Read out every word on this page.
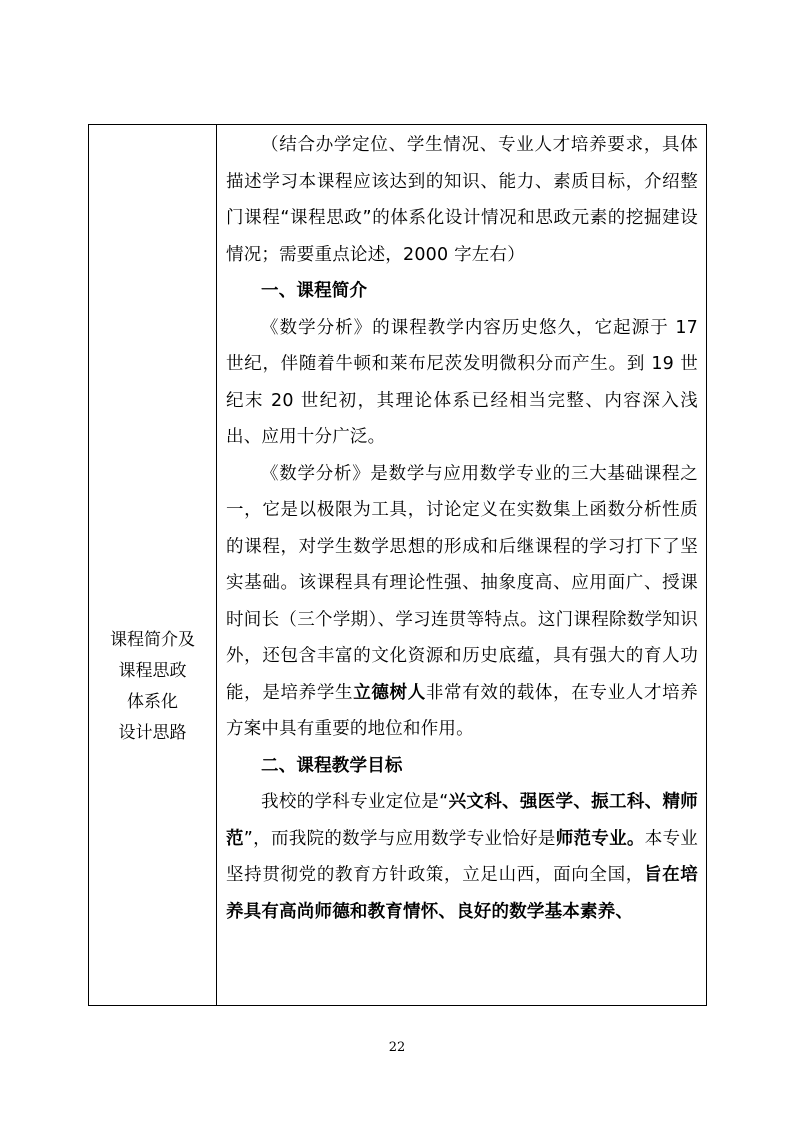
课程简介及
课程思政
体系化
设计思路

（结合办学定位、学生情况、专业人才培养要求，具体描述学习本课程应该达到的知识、能力、素质目标，介绍整门课程“课程思政”的体系化设计情况和思政元素的挖掘建设情况；需要重点论述，2000 字左右）

一、课程简介

《数学分析》的课程教学内容历史悠久，它起源于 17 世纪，伴随着牛顿和莱布尼茨发明微积分而产生。到 19 世纪末 20 世纪初，其理论体系已经相当完整、内容深入浅出、应用十分广泛。

《数学分析》是数学与应用数学专业的三大基础课程之一，它是以极限为工具，讨论定义在实数集上函数分析性质的课程，对学生数学思想的形成和后继课程的学习打下了坚实基础。该课程具有理论性强、抽象度高、应用面广、授课时间长（三个学期）、学习连贯等特点。这门课程除数学知识外，还包含丰富的文化资源和历史底蕴，具有强大的育人功能，是培养学生立德树人非常有效的载体，在专业人才培养方案中具有重要的地位和作用。

二、课程教学目标

我校的学科专业定位是“兴文科、强医学、振工科、精师范”，而我院的数学与应用数学专业恰好是师范专业。本专业坚持贯彻党的教育方针政策，立足山西，面向全国，旨在培养具有高尚师德和教育情怀、良好的数学基本素养、

22
